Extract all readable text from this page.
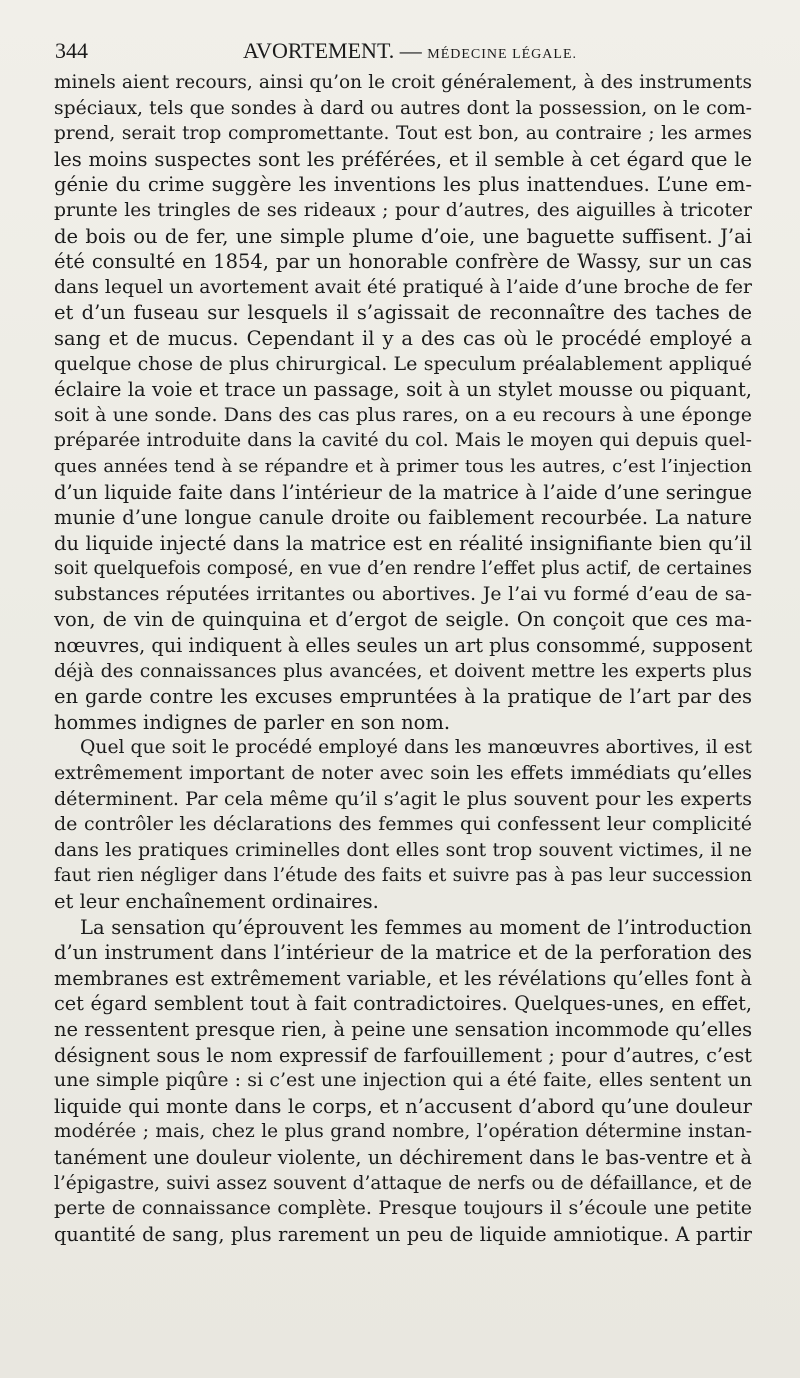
344	AVORTEMENT. — MÉDECINE LÉGALE.
minels aient recours, ainsi qu’on le croit généralement, à des instruments
spéciaux, tels que sondes à dard ou autres dont la possession, on le com-
prend, serait trop compromettante. Tout est bon, au contraire ; les armes
les moins suspectes sont les préférées, et il semble à cet égard que le
génie du crime suggère les inventions les plus inattendues. L’une em-
prunte les tringles de ses rideaux ; pour d’autres, des aiguilles à tricoter
de bois ou de fer, une simple plume d’oie, une baguette suffisent. J’ai
été consulté en 1854, par un honorable confrère de Wassy, sur un cas
dans lequel un avortement avait été pratiqué à l’aide d’une broche de fer
et d’un fuseau sur lesquels il s’agissait de reconnaître des taches de
sang et de mucus. Cependant il y a des cas où le procédé employé a
quelque chose de plus chirurgical. Le speculum préalablement appliqué
éclaire la voie et trace un passage, soit à un stylet mousse ou piquant,
soit à une sonde. Dans des cas plus rares, on a eu recours à une éponge
préparée introduite dans la cavité du col. Mais le moyen qui depuis quel-
ques années tend à se répandre et à primer tous les autres, c’est l’injection
d’un liquide faite dans l’intérieur de la matrice à l’aide d’une seringue
munie d’une longue canule droite ou faiblement recourbée. La nature
du liquide injecté dans la matrice est en réalité insignifiante bien qu’il
soit quelquefois composé, en vue d’en rendre l’effet plus actif, de certaines
substances réputées irritantes ou abortives. Je l’ai vu formé d’eau de sa-
von, de vin de quinquina et d’ergot de seigle. On conçoit que ces ma-
nœuvres, qui indiquent à elles seules un art plus consommé, supposent
déjà des connaissances plus avancées, et doivent mettre les experts plus
en garde contre les excuses empruntées à la pratique de l’art par des
hommes indignes de parler en son nom.
Quel que soit le procédé employé dans les manœuvres abortives, il est
extrêmement important de noter avec soin les effets immédiats qu’elles
déterminent. Par cela même qu’il s’agit le plus souvent pour les experts
de contrôler les déclarations des femmes qui confessent leur complicité
dans les pratiques criminelles dont elles sont trop souvent victimes, il ne
faut rien négliger dans l’étude des faits et suivre pas à pas leur succession
et leur enchaînement ordinaires.
La sensation qu’éprouvent les femmes au moment de l’introduction
d’un instrument dans l’intérieur de la matrice et de la perforation des
membranes est extrêmement variable, et les révélations qu’elles font à
cet égard semblent tout à fait contradictoires. Quelques-unes, en effet,
ne ressentent presque rien, à peine une sensation incommode qu’elles
désignent sous le nom expressif de farfouillement ; pour d’autres, c’est
une simple piqûre : si c’est une injection qui a été faite, elles sentent un
liquide qui monte dans le corps, et n’accusent d’abord qu’une douleur
modérée ; mais, chez le plus grand nombre, l’opération détermine instan-
tanément une douleur violente, un déchirement dans le bas-ventre et à
l’épigastre, suivi assez souvent d’attaque de nerfs ou de défaillance, et de
perte de connaissance complète. Presque toujours il s’écoule une petite
quantité de sang, plus rarement un peu de liquide amniotique. A partir
